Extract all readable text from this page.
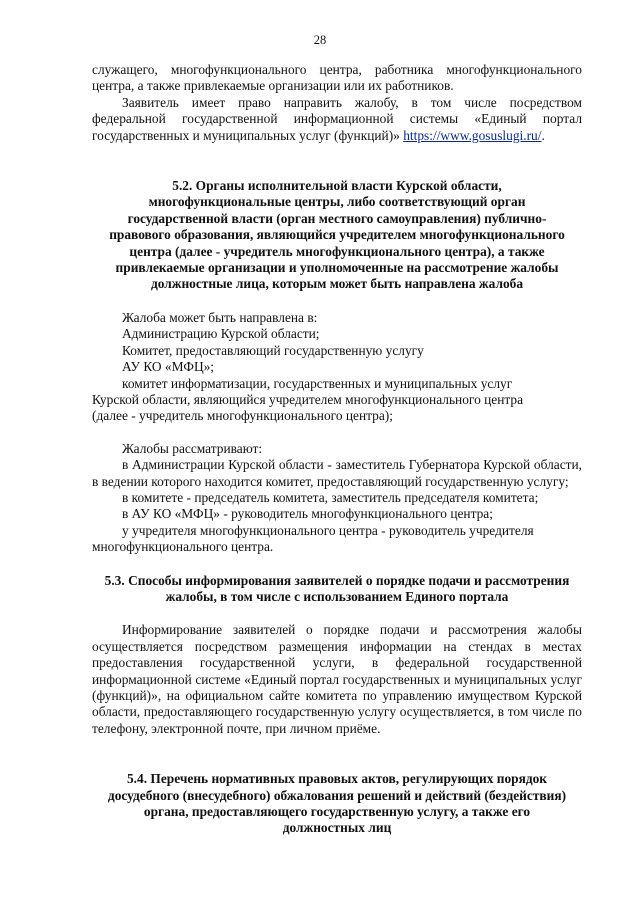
28

служащего, многофункционального центра, работника многофункционального центра, а также привлекаемые организации или их работников.

Заявитель имеет право направить жалобу, в том числе посредством федеральной государственной информационной системы «Единый портал государственных и муниципальных услуг (функций)» https://www.gosuslugi.ru/.

5.2. Органы исполнительной власти Курской области,
многофункциональные центры, либо соответствующий орган
государственной власти (орган местного самоуправления) публично-
правового образования, являющийся учредителем многофункционального
центра (далее - учредитель многофункционального центра), а также
привлекаемые организации и уполномоченные на рассмотрение жалобы
должностные лица, которым может быть направлена жалоба

Жалоба может быть направлена в:

Администрацию Курской области;

Комитет, предоставляющий государственную услугу

АУ КО «МФЦ»;

комитет информатизации, государственных и муниципальных услуг

Курской области, являющийся учредителем многофункционального центра

(далее - учредитель многофункционального центра);

Жалобы рассматривают:

в Администрации Курской области - заместитель Губернатора Курской области, в ведении которого находится комитет, предоставляющий государственную услугу;

в комитете - председатель комитета, заместитель председателя комитета;

в АУ КО «МФЦ» - руководитель многофункционального центра;

у учредителя многофункционального центра - руководитель учредителя

многофункционального центра.

5.3. Способы информирования заявителей о порядке подачи и рассмотрения
жалобы, в том числе с использованием Единого портала

Информирование заявителей о порядке подачи и рассмотрения жалобы осуществляется посредством размещения информации на стендах в местах предоставления государственной услуги, в федеральной государственной информационной системе «Единый портал государственных и муниципальных услуг (функций)», на официальном сайте комитета по управлению имуществом Курской области, предоставляющего государственную услугу осуществляется, в том числе по телефону, электронной почте, при личном приёме.

5.4. Перечень нормативных правовых актов, регулирующих порядок
досудебного (внесудебного) обжалования решений и действий (бездействия)
органа, предоставляющего государственную услугу, а также его
должностных лиц
